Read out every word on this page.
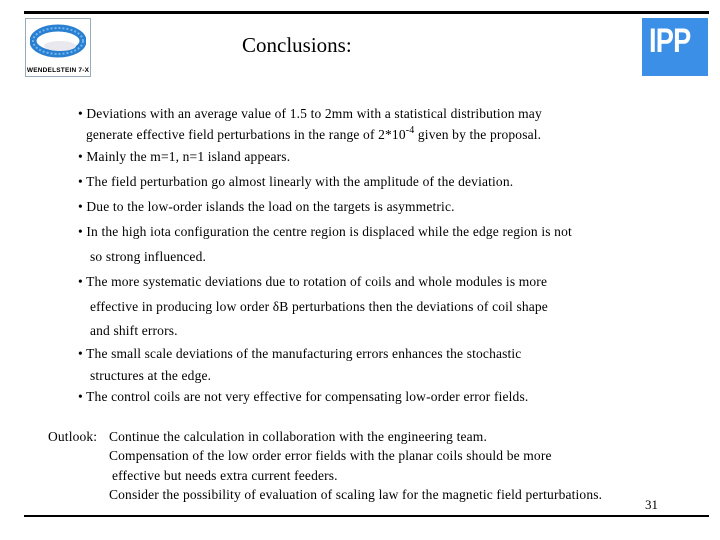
WENDELSTEIN 7-X
Conclusions:	IPP
• Deviations with an average value of 1.5 to 2mm with a statistical distribution may
generate effective field perturbations in the range of $2*10^{-4}$ given by the proposal.
• Mainly the m=1, n=1 island appears.
• The field perturbation go almost linearly with the amplitude of the deviation.
• Due to the low-order islands the load on the targets is asymmetric.
• In the high iota configuration the centre region is displaced while the edge region is not
so strong influenced.
• The more systematic deviations due to rotation of coils and whole modules is more
effective in producing low order δB perturbations then the deviations of coil shape
and shift errors.
• The small scale deviations of the manufacturing errors enhances the stochastic
structures at the edge.
• The control coils are not very effective for compensating low-order error fields.
Outlook: Continue the calculation in collaboration with the engineering team.
Compensation of the low order error fields with the planar coils should be more
effective but needs extra current feeders.
Consider the possibility of evaluation of scaling law for the magnetic field perturbations.
31
